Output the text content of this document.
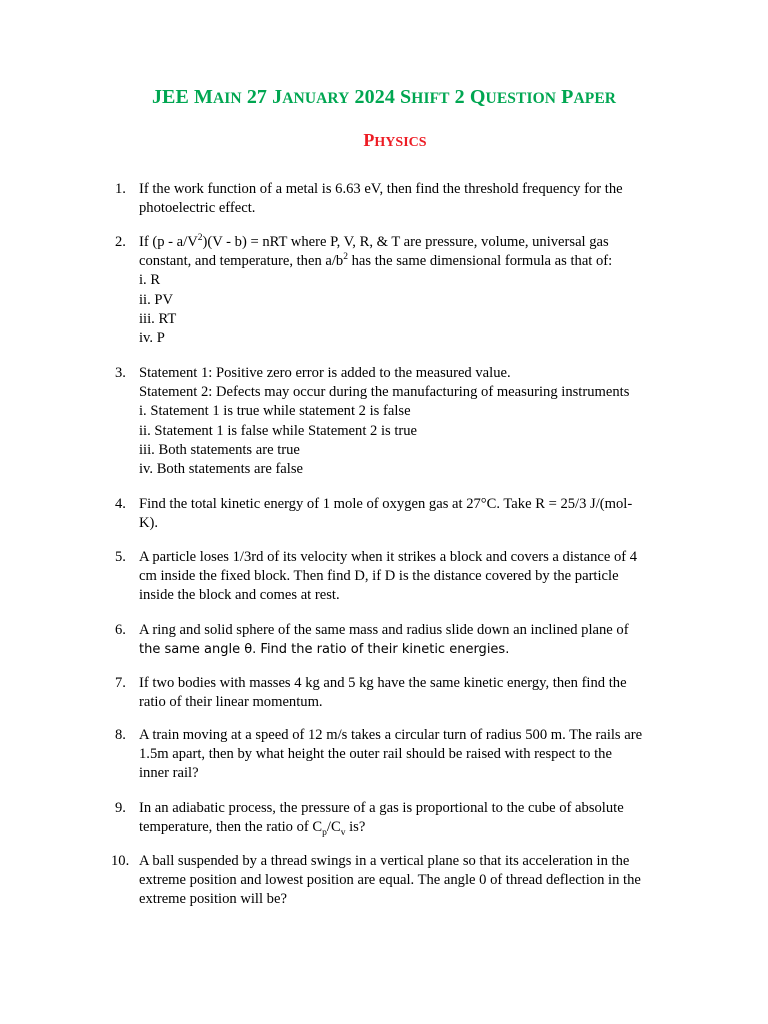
JEE MAIN 27 JANUARY 2024 SHIFT 2 QUESTION PAPER
PHYSICS
1. If the work function of a metal is 6.63 eV, then find the threshold frequency for the
photoelectric effect.
2. If $(p - a/V^2)(V - b)$ = nRT where P, V, R, & T are pressure, volume, universal gas
constant, and temperature, then $a/b^2$ has the same dimensional formula as that of:
i. R
ii. PV
iii. RT
iv. P
3. Statement 1: Positive zero error is added to the measured value.
Statement 2: Defects may occur during the manufacturing of measuring instruments
i. Statement 1 is true while statement 2 is false
ii. Statement 1 is false while Statement 2 is true
iii. Both statements are true
iv. Both statements are false
4. Find the total kinetic energy of 1 mole of oxygen gas at 27°C. Take R = 25/3 J/(mol-
K).
5. A particle loses 1/3rd of its velocity when it strikes a block and covers a distance of 4
cm inside the fixed block. Then find D, if D is the distance covered by the particle
inside the block and comes at rest.
6. A ring and solid sphere of the same mass and radius slide down an inclined plane of
the same angle θ. Find the ratio of their kinetic energies.
7. If two bodies with masses 4 kg and 5 kg have the same kinetic energy, then find the
ratio of their linear momentum.
8. A train moving at a speed of 12 m/s takes a circular turn of radius 500 m. The rails are
1.5m apart, then by what height the outer rail should be raised with respect to the
inner rail?
9. In an adiabatic process, the pressure of a gas is proportional to the cube of absolute
temperature, then the ratio of $C_p/C_v$ is?
10. A ball suspended by a thread swings in a vertical plane so that its acceleration in the
extreme position and lowest position are equal. The angle 0 of thread deflection in the
extreme position will be?
